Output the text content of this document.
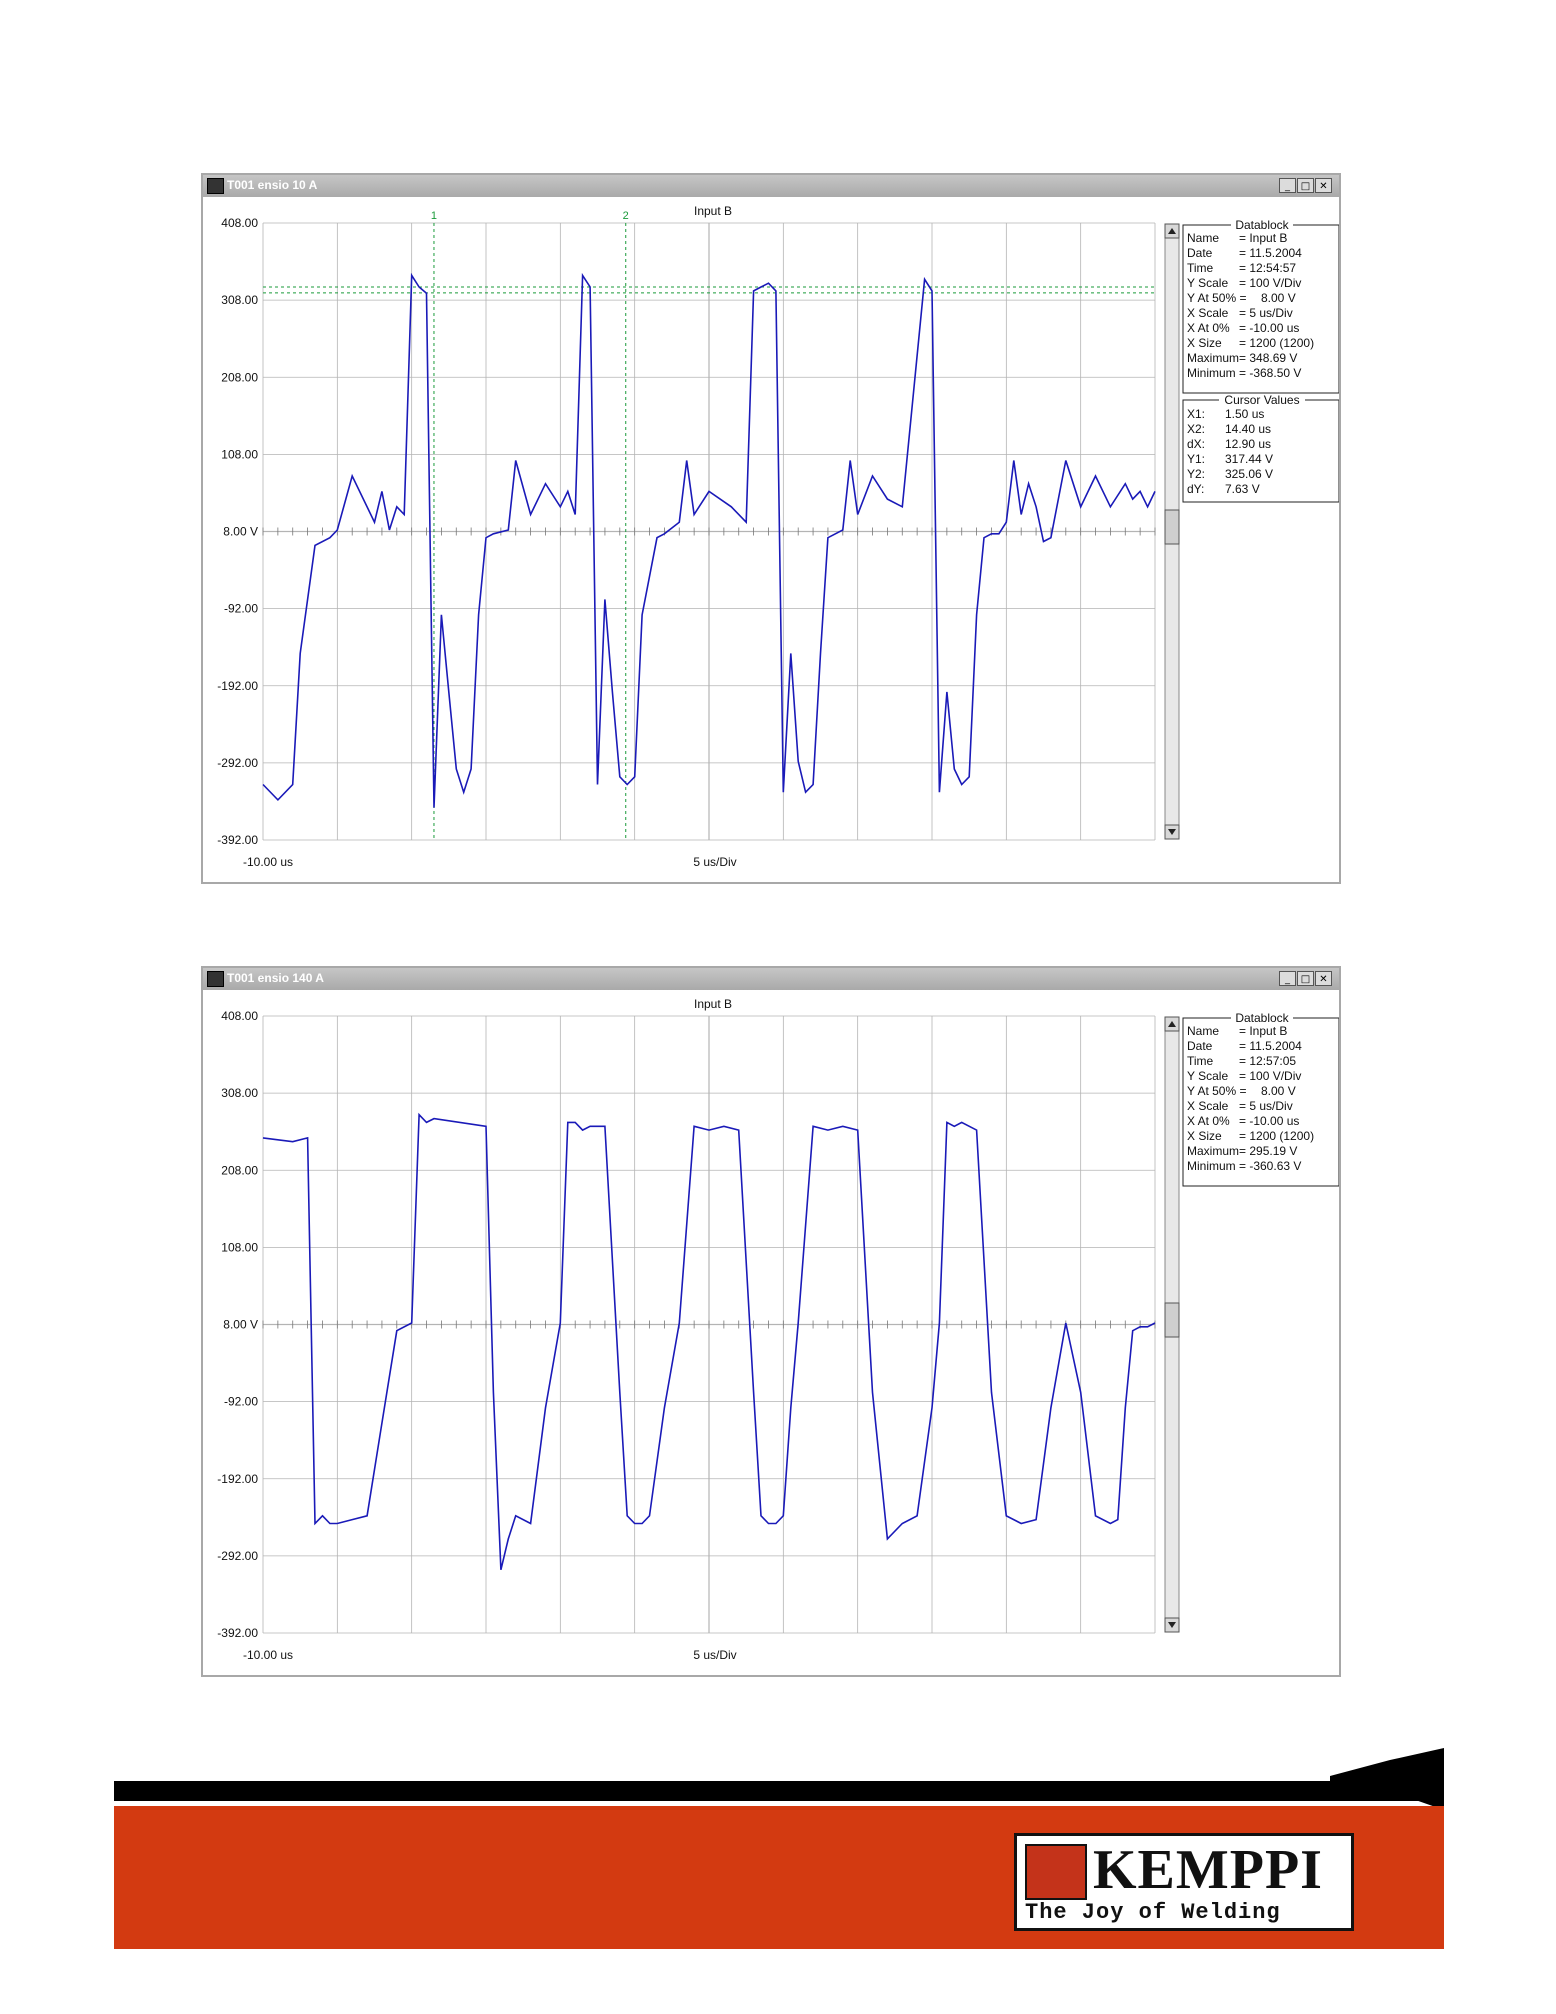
T001 ensio 10 A	_	□ ✕
Input B
408.00
308.00
208.00
108.00
8.00 V
-92.00
-192.00
-292.00
-392.00
1	2
-10.00 us	5 us/Div
Datablock
Name = Input B
Date = 11.5.2004
Time = 12:54:57
Y Scale = 100 V/Div
Y At 50% = 8.00 V
X Scale = 5 us/Div
X At 0% = -10.00 us
X Size = 1200 (1200)
Maximum = 348.69 V
Minimum = -368.50 V
Cursor Values
X1: 1.50 us
X2: 14.40 us
dX: 12.90 us
Y1: 317.44 V
Y2: 325.06 V
dY: 7.63 V
T001 ensio 140 A	_	□ ✕
Input B
408.00
308.00
208.00
108.00
8.00 V
-92.00
-192.00
-292.00
-392.00
-10.00 us	5 us/Div
Datablock
Name = Input B
Date = 11.5.2004
Time = 12:57:05
Y Scale = 100 V/Div
Y At 50% = 8.00 V
X Scale = 5 us/Div
X At 0% = -10.00 us
X Size = 1200 (1200)
Maximum = 295.19 V
Minimum = -360.63 V
KEMPPI
The Joy of Welding
